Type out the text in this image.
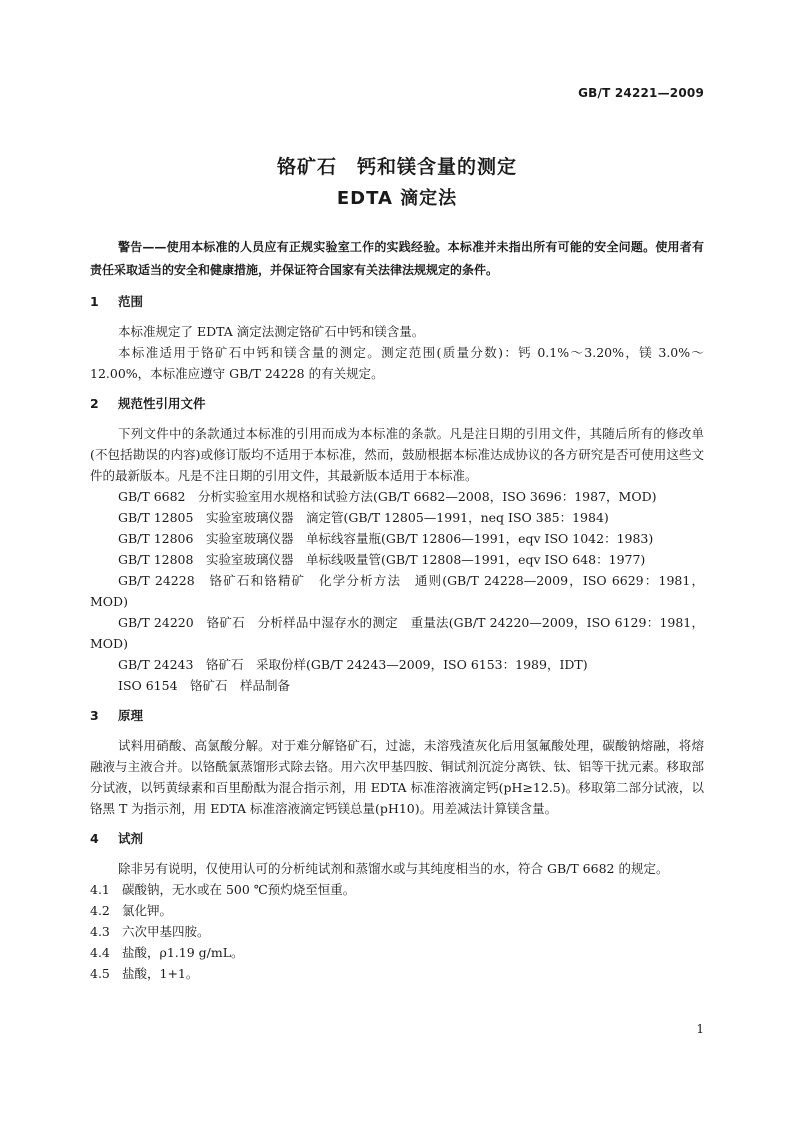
GB/T 24221—2009
铬矿石　钙和镁含量的测定
EDTA 滴定法

警告——使用本标准的人员应有正规实验室工作的实践经验。本标准并未指出所有可能的安全问题。使用者有责任采取适当的安全和健康措施，并保证符合国家有关法律法规规定的条件。

1 范围

本标准规定了 EDTA 滴定法测定铬矿石中钙和镁含量。

本标准适用于铬矿石中钙和镁含量的测定。测定范围(质量分数)：钙 0.1%～3.20%，镁 3.0%～12.00%，本标准应遵守 GB/T 24228 的有关规定。

2 规范性引用文件

下列文件中的条款通过本标准的引用而成为本标准的条款。凡是注日期的引用文件，其随后所有的修改单(不包括勘误的内容)或修订版均不适用于本标准，然而，鼓励根据本标准达成协议的各方研究是否可使用这些文件的最新版本。凡是不注日期的引用文件，其最新版本适用于本标准。

GB/T 6682　分析实验室用水规格和试验方法(GB/T 6682—2008，ISO 3696：1987，MOD)

GB/T 12805　实验室玻璃仪器　滴定管(GB/T 12805—1991，neq ISO 385：1984)

GB/T 12806　实验室玻璃仪器　单标线容量瓶(GB/T 12806—1991，eqv ISO 1042：1983)

GB/T 12808　实验室玻璃仪器　单标线吸量管(GB/T 12808—1991，eqv ISO 648：1977)

GB/T 24228　铬矿石和铬精矿　化学分析方法　通则(GB/T 24228—2009，ISO 6629：1981，MOD)

GB/T 24220　铬矿石　分析样品中湿存水的测定　重量法(GB/T 24220—2009，ISO 6129：1981，MOD)

GB/T 24243　铬矿石　采取份样(GB/T 24243—2009，ISO 6153：1989，IDT)

ISO 6154　铬矿石　样品制备

3 原理

试料用硝酸、高氯酸分解。对于难分解铬矿石，过滤，未溶残渣灰化后用氢氟酸处理，碳酸钠熔融，将熔融液与主液合并。以铬酰氯蒸馏形式除去铬。用六次甲基四胺、铜试剂沉淀分离铁、钛、铝等干扰元素。移取部分试液，以钙黄绿素和百里酚酞为混合指示剂，用 EDTA 标准溶液滴定钙(pH≥12.5)。移取第二部分试液，以铬黑 T 为指示剂，用 EDTA 标准溶液滴定钙镁总量(pH10)。用差减法计算镁含量。

4 试剂

除非另有说明，仅使用认可的分析纯试剂和蒸馏水或与其纯度相当的水，符合 GB/T 6682 的规定。

4.1 碳酸钠，无水或在 500 ℃预灼烧至恒重。

4.2 氯化钾。

4.3 六次甲基四胺。

4.4 盐酸，ρ1.19 g/mL。

4.5 盐酸，1+1。

1
